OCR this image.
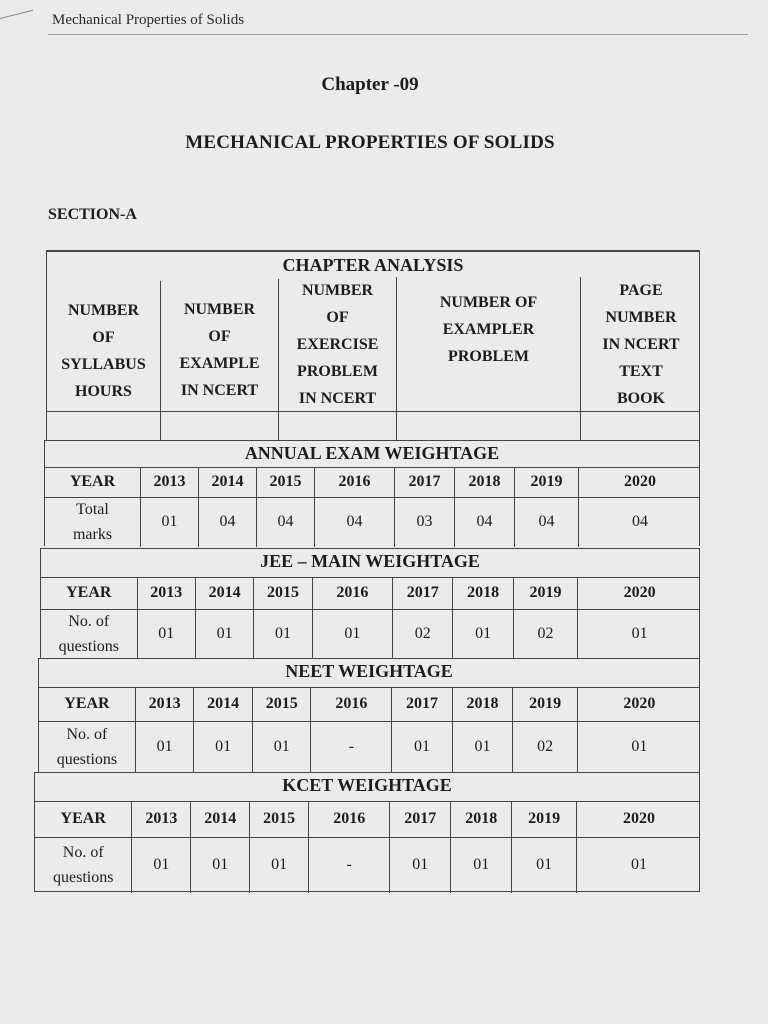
Mechanical Properties of Solids
Chapter -09
MECHANICAL PROPERTIES OF SOLIDS
SECTION-A
CHAPTER ANALYSIS
NUMBER
OF
SYLLABUS
HOURS
NUMBER
OF
EXAMPLE
IN NCERT
NUMBER
OF
EXERCISE
PROBLEM
IN NCERT
NUMBER OF
EXAMPLER
PROBLEM
PAGE
NUMBER
IN NCERT
TEXT
BOOK
ANNUAL EXAM WEIGHTAGE
YEAR
Total
marks
2013
01
2014
04
2015
04
2016
04
2017
03
2018
04
2019
04
2020
04
JEE – MAIN WEIGHTAGE
YEAR
No. of
questions
2013
01
2014
01
2015
01
2016
01
2017
02
2018
01
2019
02
2020
01
NEET WEIGHTAGE
YEAR
No. of
questions
2013
01
2014
01
2015
01
2016
-
2017
01
2018
01
2019
02
2020
01
KCET WEIGHTAGE
YEAR
No. of
questions
2013
01
2014
01
2015
01
2016
-
2017
01
2018
01
2019
01
2020
01
